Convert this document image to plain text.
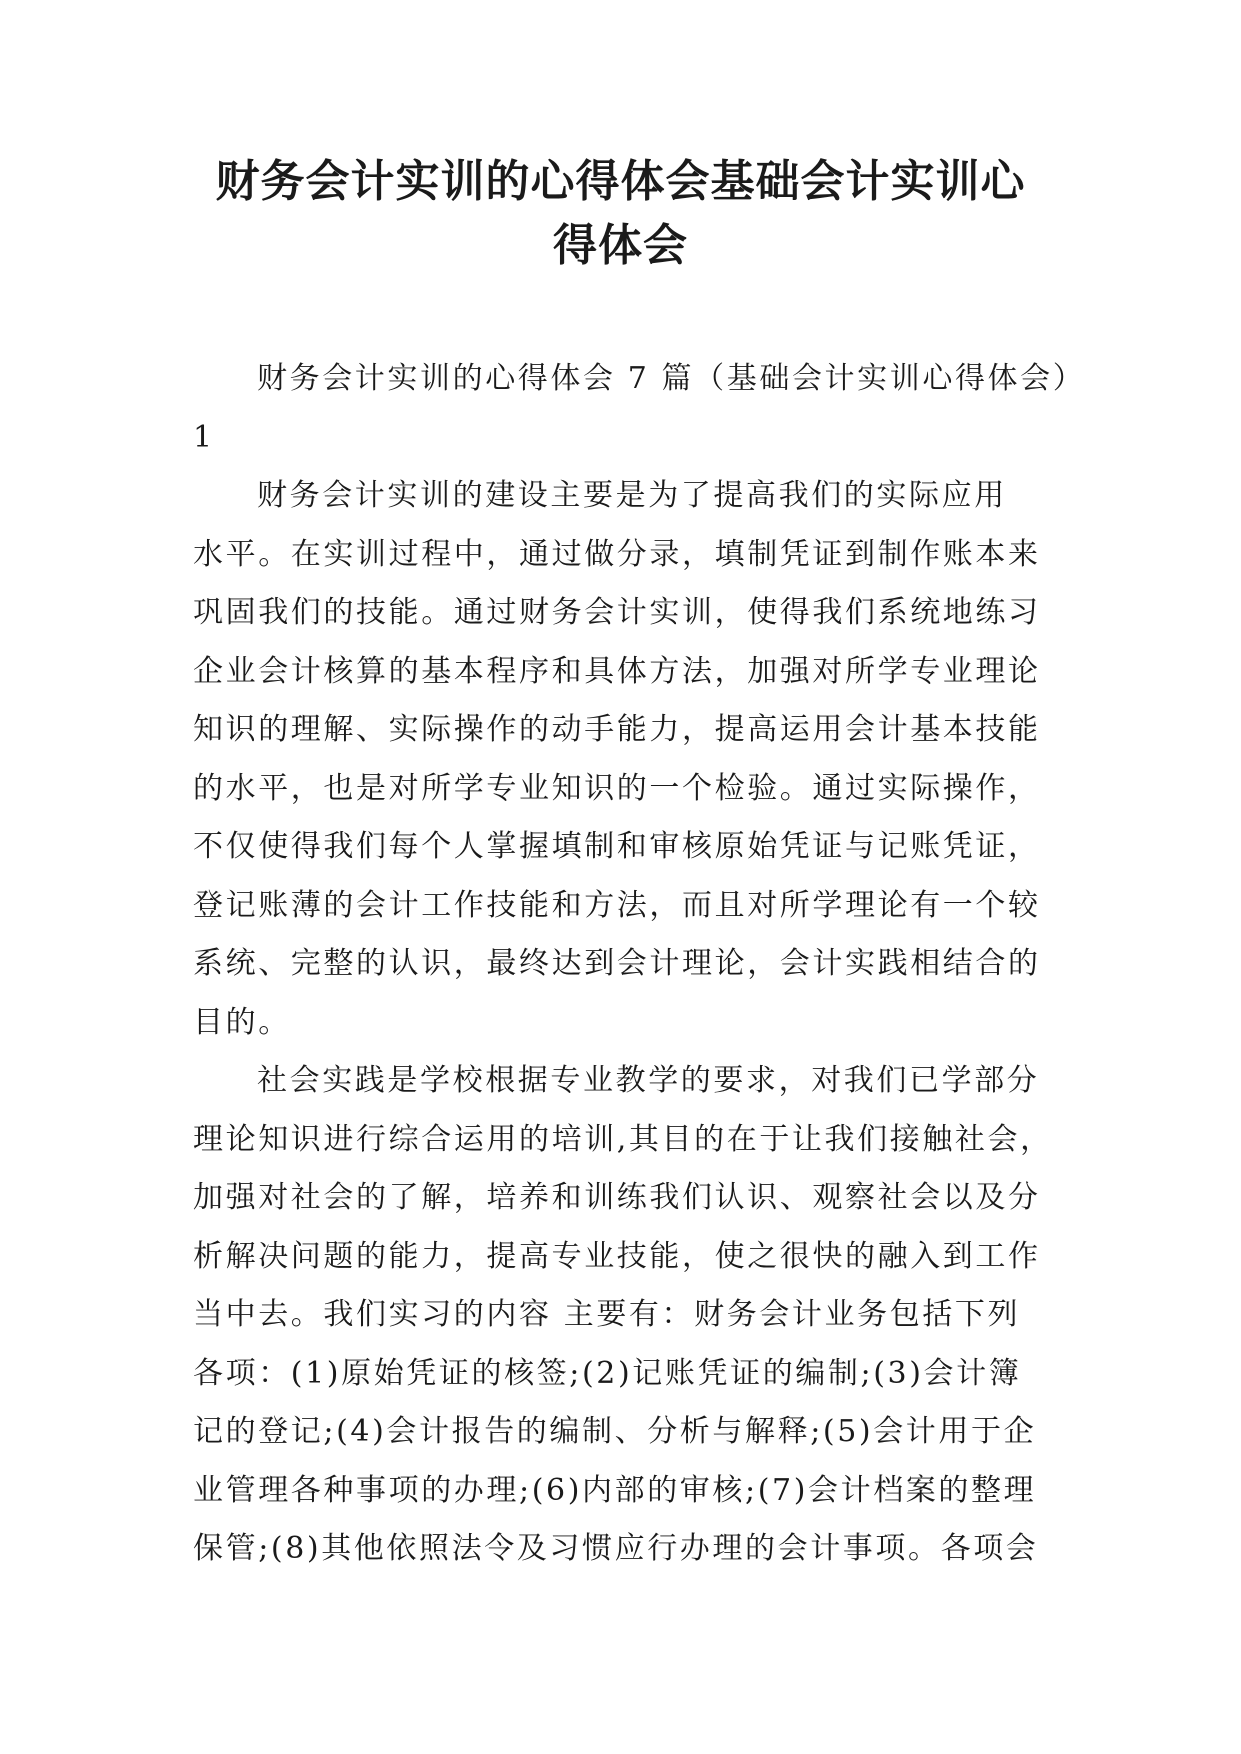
财务会计实训的心得体会基础会计实训心
得体会

财务会计实训的心得体会 7 篇（基础会计实训心得体会）
1

财务会计实训的建设主要是为了提高我们的实际应用
水平。在实训过程中，通过做分录，填制凭证到制作账本来
巩固我们的技能。通过财务会计实训，使得我们系统地练习
企业会计核算的基本程序和具体方法，加强对所学专业理论
知识的理解、实际操作的动手能力，提高运用会计基本技能
的水平，也是对所学专业知识的一个检验。通过实际操作，
不仅使得我们每个人掌握填制和审核原始凭证与记账凭证，
登记账薄的会计工作技能和方法，而且对所学理论有一个较
系统、完整的认识，最终达到会计理论，会计实践相结合的
目的。

社会实践是学校根据专业教学的要求，对我们已学部分
理论知识进行综合运用的培训,其目的在于让我们接触社会，
加强对社会的了解，培养和训练我们认识、观察社会以及分
析解决问题的能力，提高专业技能，使之很快的融入到工作
当中去。我们实习的内容 主要有：财务会计业务包括下列
各项：(1)原始凭证的核签;(2)记账凭证的编制;(3)会计簿
记的登记;(4)会计报告的编制、分析与解释;(5)会计用于企
业管理各种事项的办理;(6)内部的审核;(7)会计档案的整理
保管;(8)其他依照法令及习惯应行办理的会计事项。各项会
